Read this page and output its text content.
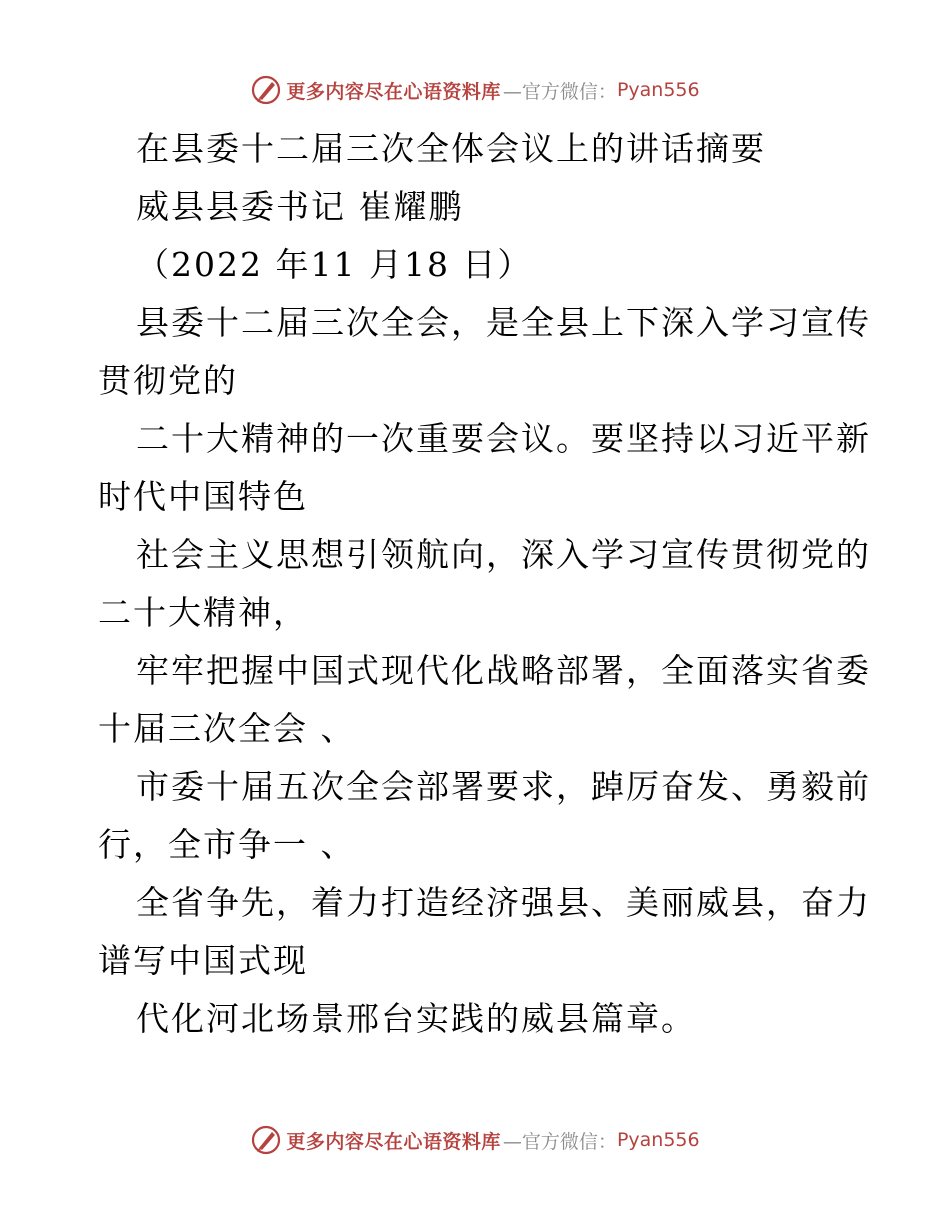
更多内容尽在心语资料库 —官方微信： Pyan556
在县委十二届三次全体会议上的讲话摘要
威县县委书记 崔耀鹏
（2022 年11 月18 日）
县委十二届三次全会，是全县上下深入学习宣传
贯彻党的
二十大精神的一次重要会议。要坚持以习近平新
时代中国特色
社会主义思想引领航向，深入学习宣传贯彻党的
二十大精神，
牢牢把握中国式现代化战略部署，全面落实省委
十届三次全会 、
市委十届五次全会部署要求，踔厉奋发、勇毅前
行，全市争一 、
全省争先，着力打造经济强县、美丽威县，奋力
谱写中国式现
代化河北场景邢台实践的威县篇章。
更多内容尽在心语资料库 —官方微信： Pyan556
